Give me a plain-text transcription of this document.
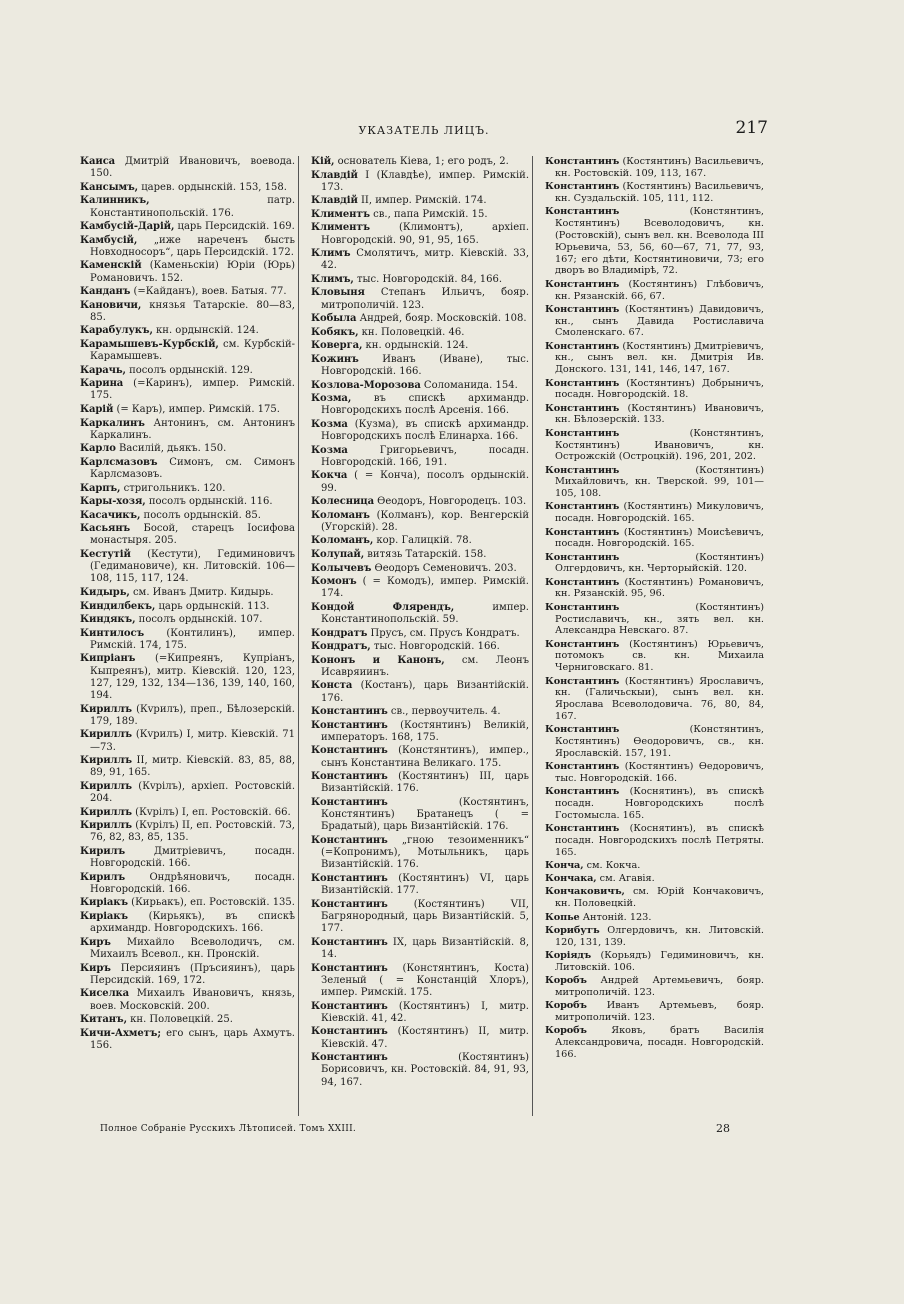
УКАЗАТЕЛЬ ЛИЦЪ.	217

Каиса Дмитрій Ивановичъ, воевода. 150.

Кансымъ, царев. ордынскій. 153, 158.

Калинникъ, патр. Константинопольскій. 176.

Камбусій-Дарій, царь Персидскій. 169.

Камбусій, „иже нареченъ бысть Новходносоръ“, царь Персидскій. 172.

Каменскій (Каменьскіи) Юріи (Юрь) Романовичъ. 152.

Канданъ (=Кайданъ), воев. Батыя. 77.

Кановичи, князья Татарскіе. 80—83, 85.

Карабулукъ, кн. ордынскій. 124.

Карамышевъ-Курбскій, см. Курбскій-Карамышевъ.

Карачь, посолъ ордынскій. 129.

Карина (=Каринъ), импер. Римскій. 175.

Карій (= Каръ), импер. Римскій. 175.

Каркалинъ Антонинъ, см. Антонинъ Каркалинъ.

Карло Василій, дьякъ. 150.

Карлсмазовъ Симонъ, см. Симонъ Карлсмазовъ.

Карпъ, стригольникъ. 120.

Кары-хозя, посолъ ордынскій. 116.

Касачикъ, посолъ ордынскій. 85.

Касьянъ Босой, старецъ Іосифова монастыря. 205.

Кестутій (Кестути), Гедиминовичъ (Гедимановиче), кн. Литовскій. 106—108, 115, 117, 124.

Кидырь, см. Иванъ Дмитр. Кидырь.

Киндилбекъ, царь ордынскій. 113.

Киндякъ, посолъ ордынскій. 107.

Кинтилосъ (Контилинъ), импер. Римскій. 174, 175.

Кипріанъ (=Кипреянъ, Купріанъ, Кыпреянъ), митр. Кіевскій. 120, 123, 127, 129, 132, 134—136, 139, 140, 160, 194.

Кириллъ (Кvрилъ), преп., Бѣлозерскій. 179, 189.

Кириллъ (Кvрилъ) I, митр. Кіевскій. 71—73.

Кириллъ II, митр. Кіевскій. 83, 85, 88, 89, 91, 165.

Кириллъ (Кvрілъ), архіеп. Ростовскій. 204.

Кириллъ (Кvрілъ) I, еп. Ростовскій. 66.

Кириллъ (Кvрілъ) II, еп. Ростовскій. 73, 76, 82, 83, 85, 135.

Кирилъ Дмитріевичъ, посадн. Новгородскій. 166.

Кирилъ Ондрѣяновичъ, посадн. Новгородскій. 166.

Киріакъ (Кирьакъ), еп. Ростовскій. 135.

Киріакъ (Кирьякъ), въ спискѣ архимандр. Новгородскихъ. 166.

Киръ Михайло Всеволодичъ, см. Михаилъ Всевол., кн. Пронскій.

Киръ Персияинъ (Пръсияинъ), царь Персидскій. 169, 172.

Киселка Михаилъ Ивановичъ, князь, воев. Московскій. 200.

Китанъ, кн. Половецкій. 25.

Кичи-Ахметъ; его сынъ, царь Ахмутъ. 156.

Кій, основатель Кіева, 1; его родъ, 2.

Клавдій I (Клавдѣе), импер. Римскій. 173.

Клавдій II, импер. Римскій. 174.

Климентъ св., папа Римскій. 15.

Климентъ (Климонтъ), архіеп. Новгородскій. 90, 91, 95, 165.

Климъ Смолятичъ, митр. Кіевскій. 33, 42.

Климъ, тыс. Новгородскій. 84, 166.

Кловыня Степанъ Ильичъ, бояр. митрополичій. 123.

Кобыла Андрей, бояр. Московскій. 108.

Кобякъ, кн. Половецкій. 46.

Коверга, кн. ордынскій. 124.

Кожинъ Иванъ (Иване), тыс. Новгородскій. 166.

Козлова-Морозова Соломанида. 154.

Козма, въ спискѣ архимандр. Новгородскихъ послѣ Арсенія. 166.

Козма (Кузма), въ спискѣ архимандр. Новгородскихъ послѣ Елинарха. 166.

Козма Григорьевичъ, посадн. Новгородскій. 166, 191.

Кокча ( = Конча), посолъ ордынскій. 99.

Колесница Ѳеодоръ, Новгородецъ. 103.

Коломанъ (Колманъ), кор. Венгерскій (Угорскій). 28.

Коломанъ, кор. Галицкій. 78.

Колупай, витязь Татарскій. 158.

Колычевъ Ѳеодоръ Семеновичъ. 203.

Комонъ ( = Комодъ), импер. Римскій. 174.

Кондой Флярендъ, импер. Константинопольскій. 59.

Кондратъ Прусъ, см. Прусъ Кондратъ.

Кондратъ, тыс. Новгородскій. 166.

Кононъ и Канонъ, см. Леонъ Исавряиинъ.

Конста (Костанъ), царь Византійскій. 176.

Константинъ св., первоучитель. 4.

Константинъ (Костянтинъ) Великій, императоръ. 168, 175.

Константинъ (Констянтинъ), импер., сынъ Константина Великаго. 175.

Константинъ (Костянтинъ) III, царь Византійскій. 176.

Константинъ (Костянтинъ, Констянтинъ) Братанецъ ( = Брадатый), царь Византійскій. 176.

Константинъ „гною тезоименникъ“ (=Копронимъ), Мотыльникъ, царь Византійскій. 176.

Константинъ (Костянтинъ) VI, царь Византійскій. 177.

Константинъ (Костянтинъ) VII, Багрянородный, царь Византійскій. 5, 177.

Константинъ IX, царь Византійскій. 8, 14.

Константинъ (Констянтинъ, Коста) Зеленый ( = Констанцій Хлоръ), импер. Римскій. 175.

Константинъ (Костянтинъ) I, митр. Кіевскій. 41, 42.

Константинъ (Костянтинъ) II, митр. Кіевскій. 47.

Константинъ (Костянтинъ) Борисовичъ, кн. Ростовскій. 84, 91, 93, 94, 167.

Константинъ (Костянтинъ) Васильевичъ, кн. Ростовскій. 109, 113, 167.

Константинъ (Костянтинъ) Васильевичъ, кн. Суздальскій. 105, 111, 112.

Константинъ (Констянтинъ, Костянтинъ) Всеволодовичъ, кн. (Ростовскій), сынъ вел. кн. Всеволода III Юрьевича, 53, 56, 60—67, 71, 77, 93, 167; его дѣти, Костянтиновичи, 73; его дворъ во Владимірѣ, 72.

Константинъ (Костянтинъ) Глѣбовичъ, кн. Рязанскій. 66, 67.

Константинъ (Костянтинъ) Давидовичъ, кн., сынъ Давида Ростиславича Смоленскаго. 67.

Константинъ (Костянтинъ) Дмитріевичъ, кн., сынъ вел. кн. Дмитрія Ив. Донского. 131, 141, 146, 147, 167.

Константинъ (Костянтинъ) Добрыничъ, посадн. Новгородскій. 18.

Константинъ (Костянтинъ) Ивановичъ, кн. Бѣлозерскій. 133.

Константинъ (Констянтинъ, Костянтинъ) Ивановичъ, кн. Острожскій (Остроцкій). 196, 201, 202.

Константинъ (Костянтинъ) Михайловичъ, кн. Тверской. 99, 101—105, 108.

Константинъ (Костянтинъ) Микуловичъ, посадн. Новгородскій. 165.

Константинъ (Костянтинъ) Моисѣевичъ, посадн. Новгородскій. 165.

Константинъ (Костянтинъ) Олгердовичъ, кн. Черторыйскій. 120.

Константинъ (Костянтинъ) Романовичъ, кн. Рязанскій. 95, 96.

Константинъ (Костянтинъ) Ростиславичъ, кн., зять вел. кн. Александра Невскаго. 87.

Константинъ (Костянтинъ) Юрьевичъ, потомокъ св. кн. Михаила Черниговскаго. 81.

Константинъ (Костянтинъ) Ярославичъ, кн. (Галичьскыи), сынъ вел. кн. Ярослава Всеволодовича. 76, 80, 84, 167.

Константинъ (Констянтинъ, Костянтинъ) Ѳеодоровичъ, св., кн. Ярославскій. 157, 191.

Константинъ (Костянтинъ) Ѳедоровичъ, тыс. Новгородскій. 166.

Константинъ (Коснятинъ), въ спискѣ посадн. Новгородскихъ послѣ Гостомысла. 165.

Константинъ (Коснятинъ), въ спискѣ посадн. Новгородскихъ послѣ Петряты. 165.

Конча, см. Кокча.

Кончака, см. Агавія.

Кончаковичъ, см. Юрій Кончаковичъ, кн. Половецкій.

Копье Антоній. 123.

Корибутъ Олгердовичъ, кн. Литовскій. 120, 131, 139.

Коріядъ (Корьядъ) Гедиминовичъ, кн. Литовскій. 106.

Коробъ Андрей Артемьевичъ, бояр. митрополичій. 123.

Коробъ Иванъ Артемьевъ, бояр. митрополичій. 123.

Коробъ Яковъ, братъ Василія Александровича, посадн. Новгородскій. 166.

Полное Собраніе Русскихъ Лѣтописей. Томъ XXIII.	28
